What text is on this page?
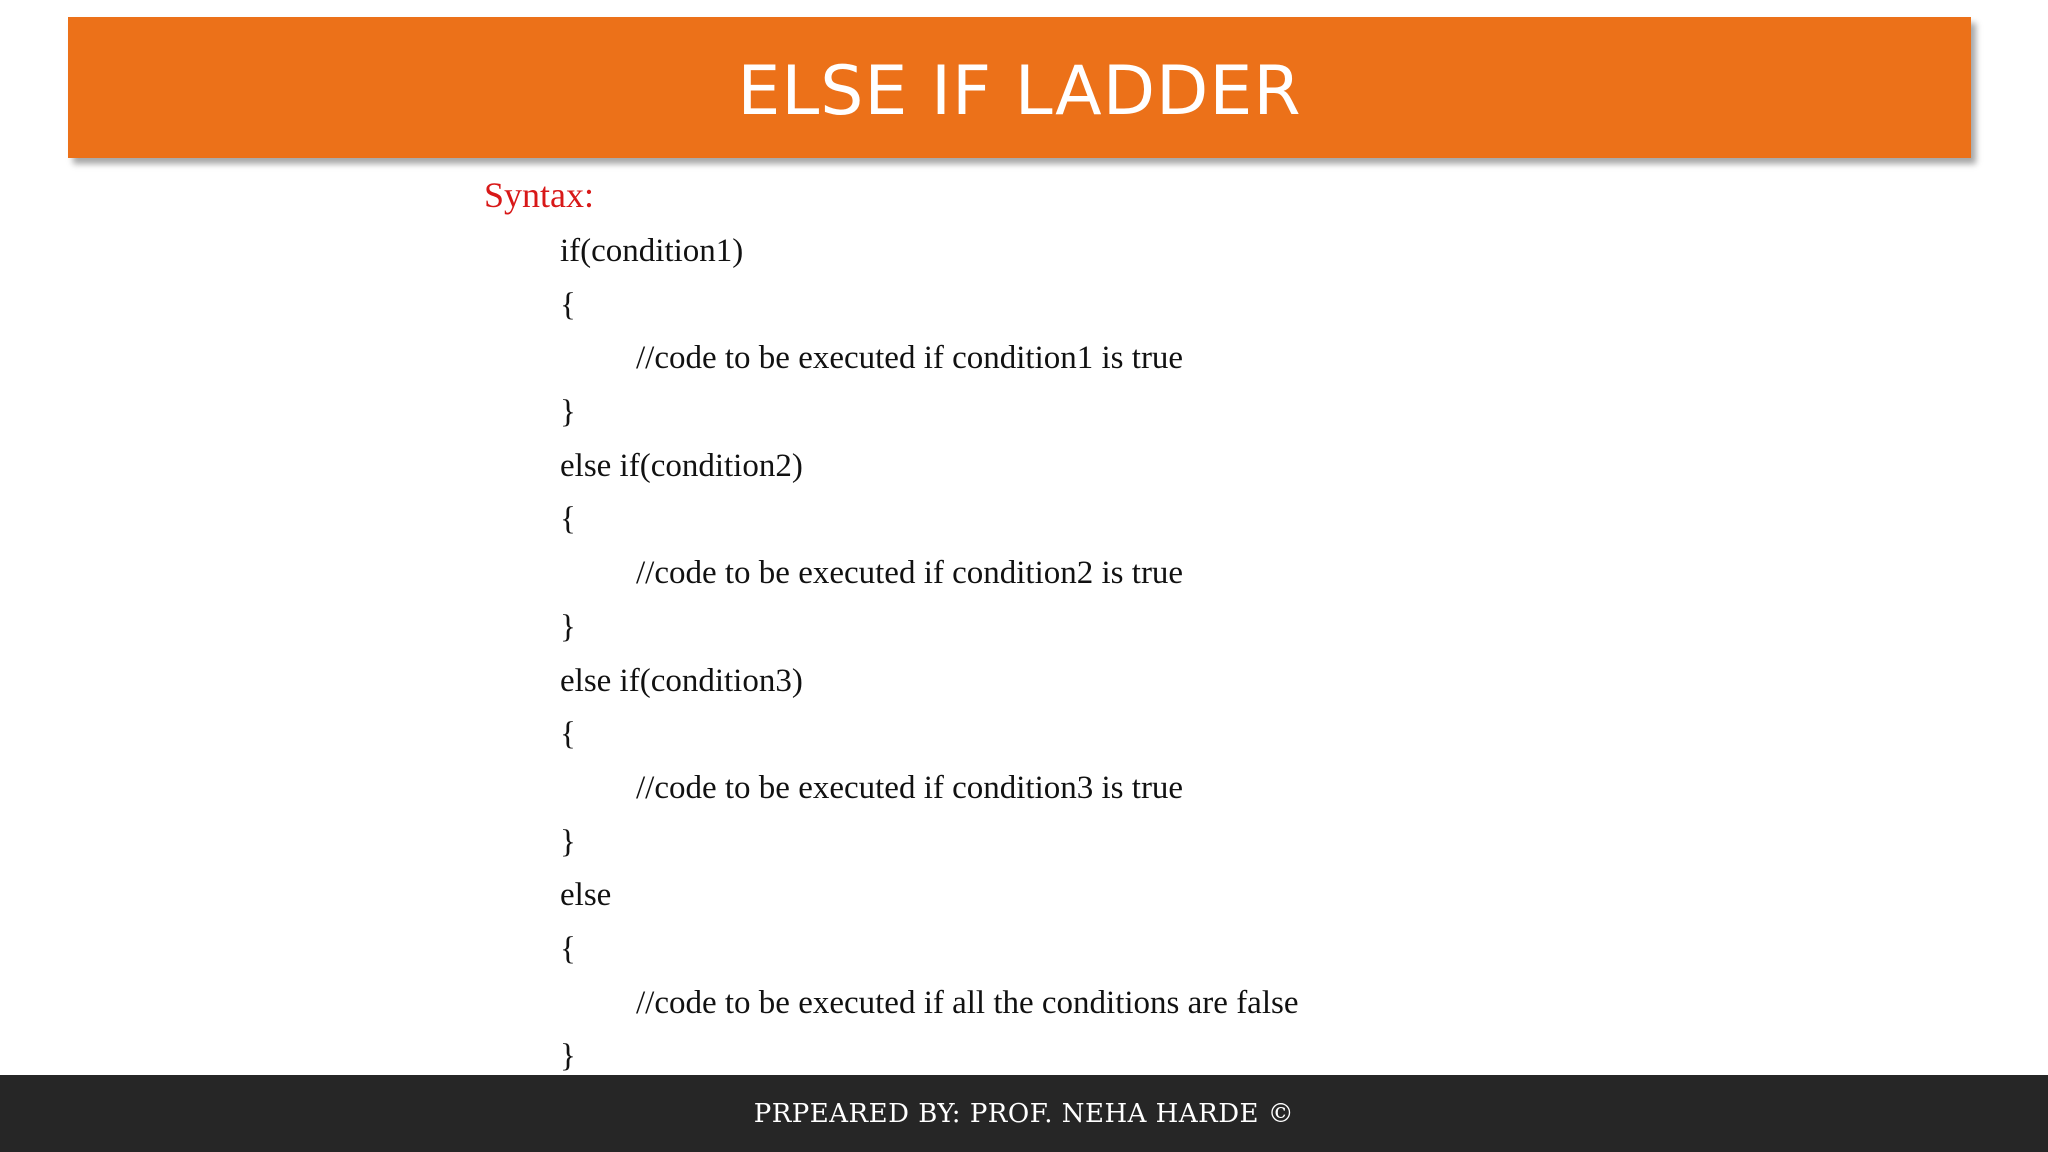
ELSE IF LADDER
Syntax:
if(condition1)
{
//code to be executed if condition1 is true
}
else if(condition2)
{
//code to be executed if condition2 is true
}
else if(condition3)
{
//code to be executed if condition3 is true
}
else
{
//code to be executed if all the conditions are false
}
PRPEARED BY: PROF. NEHA HARDE ©
